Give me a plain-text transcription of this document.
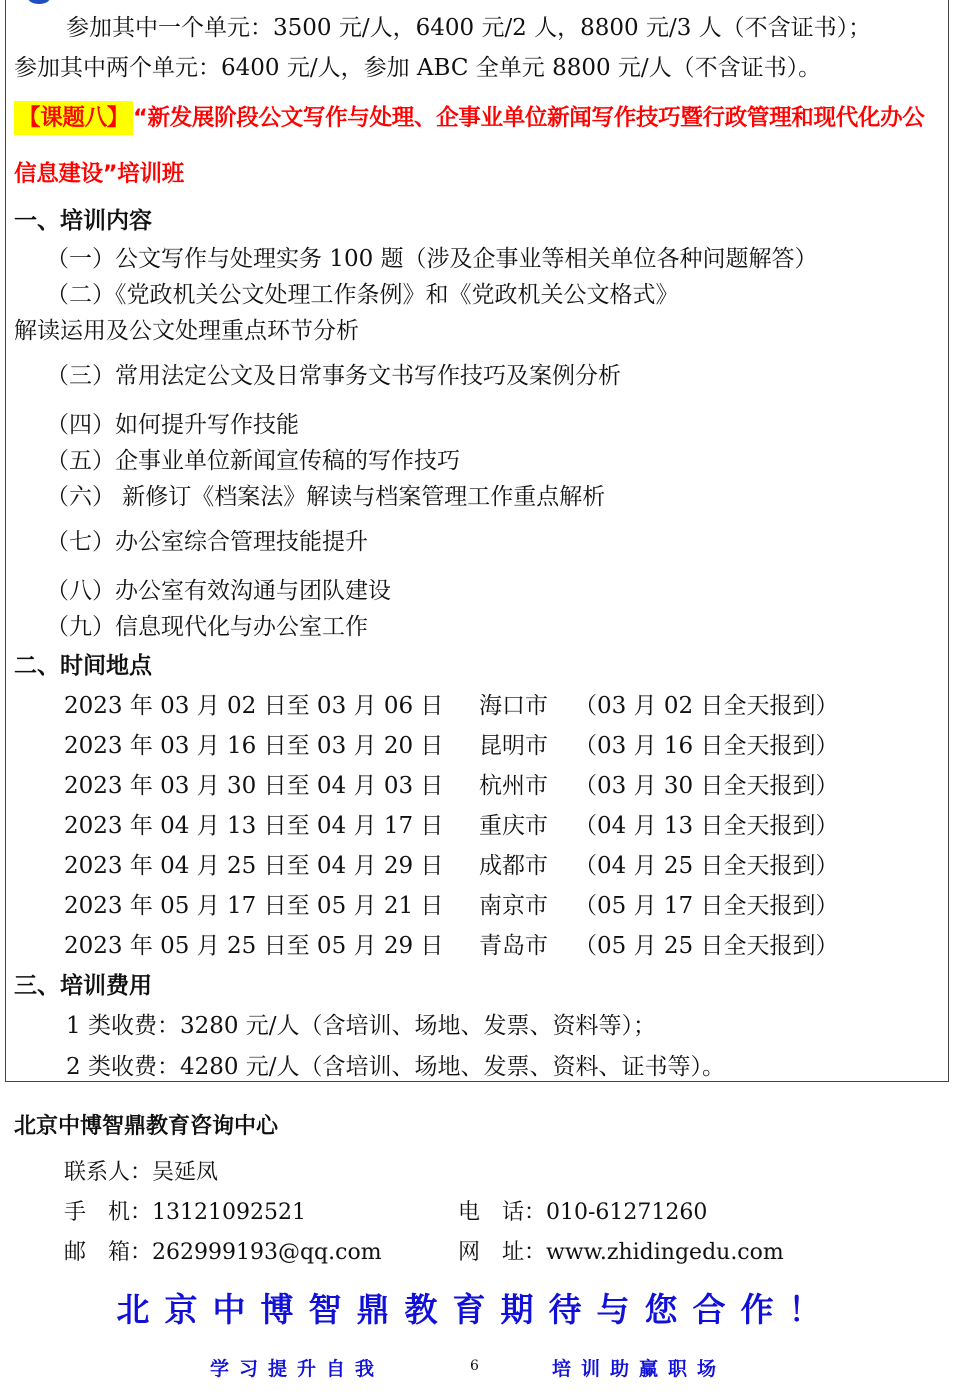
参加其中一个单元：3500 元/人，6400 元/2 人，8800 元/3 人（不含证书）；
参加其中两个单元：6400 元/人，参加 ABC 全单元 8800 元/人（不含证书）。
【课题八】 “新发展阶段公文写作与处理、企事业单位新闻写作技巧暨行政管理和现代化办公信息建设”培训班
一、培训内容
（一）公文写作与处理实务 100 题（涉及企事业等相关单位各种问题解答）
（二）《党政机关公文处理工作条例》和《党政机关公文格式》
解读运用及公文处理重点环节分析
（三）常用法定公文及日常事务文书写作技巧及案例分析
（四）如何提升写作技能
（五）企事业单位新闻宣传稿的写作技巧
（六） 新修订《档案法》解读与档案管理工作重点解析
（七）办公室综合管理技能提升
（八）办公室有效沟通与团队建设
（九）信息现代化与办公室工作
二、时间地点
2023 年 03 月 02 日至 03 月 06 日 海口市 （03 月 02 日全天报到）
2023 年 03 月 16 日至 03 月 20 日 昆明市 （03 月 16 日全天报到）
2023 年 03 月 30 日至 04 月 03 日 杭州市 （03 月 30 日全天报到）
2023 年 04 月 13 日至 04 月 17 日 重庆市 （04 月 13 日全天报到）
2023 年 04 月 25 日至 04 月 29 日 成都市 （04 月 25 日全天报到）
2023 年 05 月 17 日至 05 月 21 日 南京市 （05 月 17 日全天报到）
2023 年 05 月 25 日至 05 月 29 日 青岛市 （05 月 25 日全天报到）
三、培训费用
1 类收费：3280 元/人（含培训、场地、发票、资料等）；
2 类收费：4280 元/人（含培训、场地、发票、资料、证书等）。
北京中博智鼎教育咨询中心
联系人：吴延凤
手　机：13121092521	电　话：010-61271260
邮　箱：262999193@qq.com	网　址：www.zhidingedu.com
北京中博智鼎教育期待与您合作！
学习提升自我	6	培训助赢职场
